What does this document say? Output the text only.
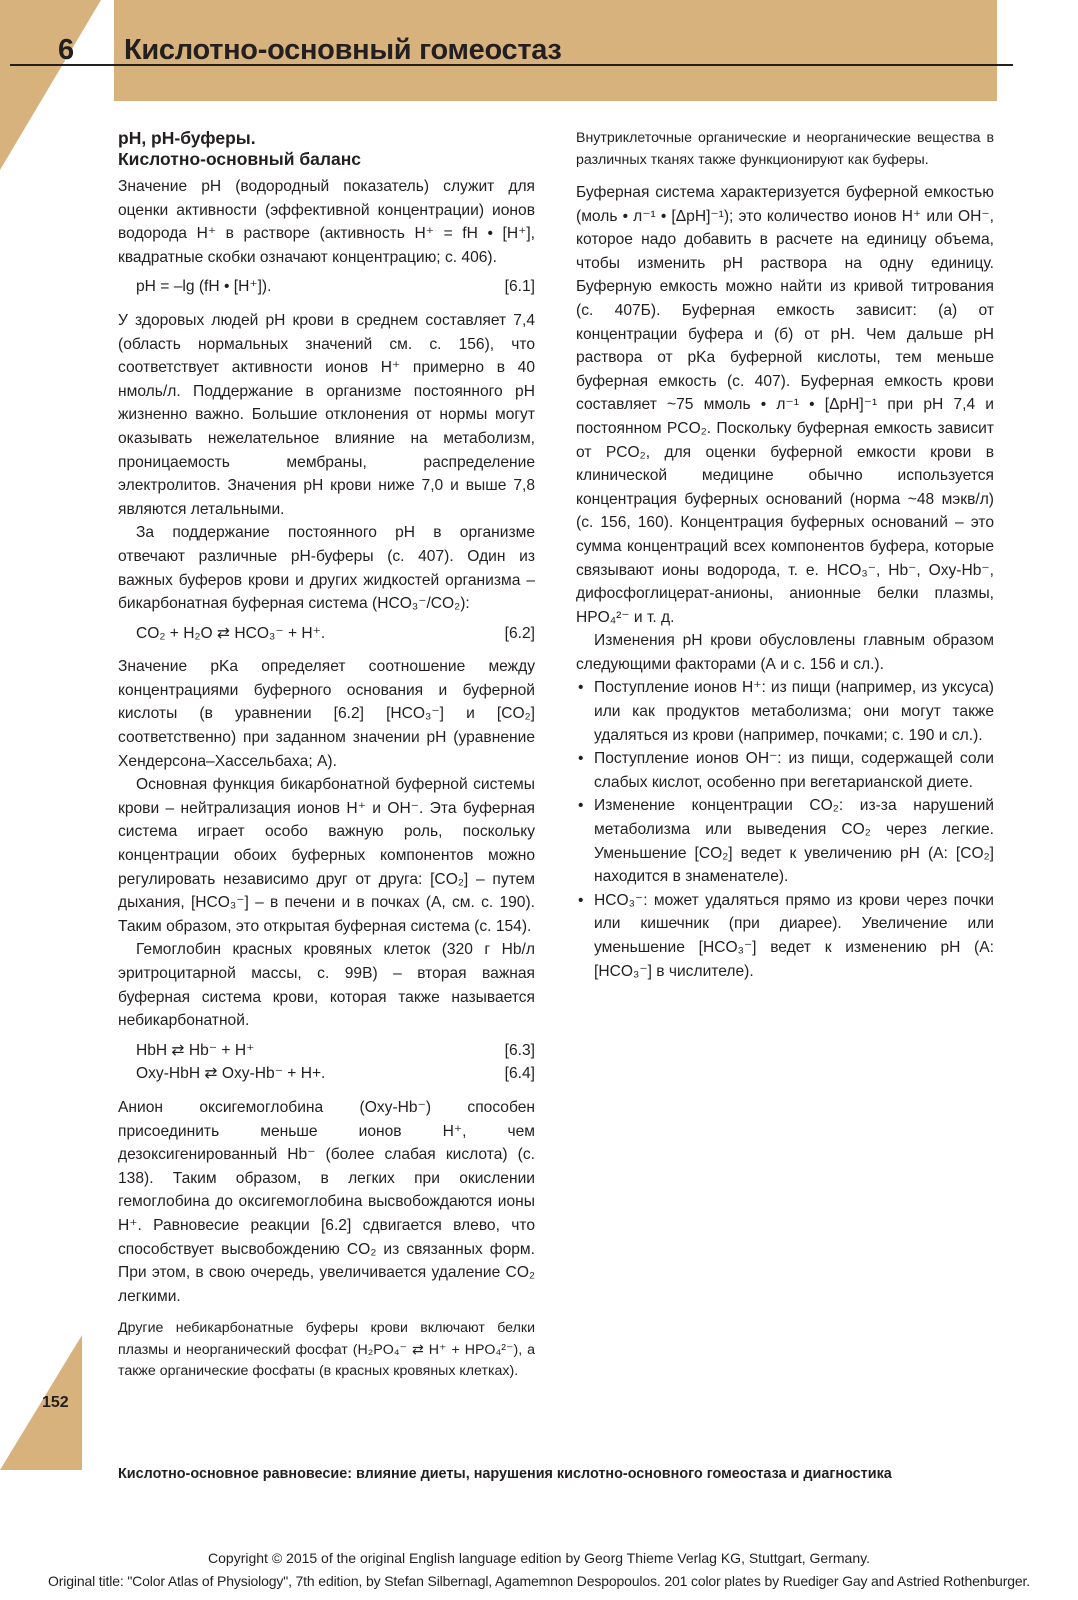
6 Кислотно-основный гомеостаз
152
pH, pH-буферы.
Кислотно-основный баланс

Значение pH (водородный показатель) служит для оценки активности (эффективной концентрации) ионов водорода H⁺ в растворе (активность H⁺ = fH • [H⁺], квадратные скобки означают концентрацию; с. 406).

pH = –lg (fH • [H⁺]).	[6.1]

У здоровых людей pH крови в среднем составляет 7,4 (область нормальных значений см. с. 156), что соответствует активности ионов H⁺ примерно в 40 нмоль/л. Поддержание в организме постоянного pH жизненно важно. Большие отклонения от нормы могут оказывать нежелательное влияние на метаболизм, проницаемость мембраны, распределение электролитов. Значения pH крови ниже 7,0 и выше 7,8 являются летальными.

За поддержание постоянного pH в организме отвечают различные pH-буферы (с. 407). Один из важных буферов крови и других жидкостей организма – бикарбонатная буферная система (HCO₃⁻/CO₂):

CO₂ + H₂O ⇄ HCO₃⁻ + H⁺.	[6.2]

Значение pKa определяет соотношение между концентрациями буферного основания и буферной кислоты (в уравнении [6.2] [HCO₃⁻] и [CO₂] соответственно) при заданном значении pH (уравнение Хендерсона–Хассельбаха; А).

Основная функция бикарбонатной буферной системы крови – нейтрализация ионов H⁺ и OH⁻. Эта буферная система играет особо важную роль, поскольку концентрации обоих буферных компонентов можно регулировать независимо друг от друга: [CO₂] – путем дыхания, [HCO₃⁻] – в печени и в почках (А, см. с. 190). Таким образом, это открытая буферная система (с. 154).

Гемоглобин красных кровяных клеток (320 г Hb/л эритроцитарной массы, с. 99B) – вторая важная буферная система крови, которая также называется небикарбонатной.

HbH ⇄ Hb⁻ + H⁺	[6.3]
Oxy-HbH ⇄ Oxy-Hb⁻ + H+.	[6.4]

Анион оксигемоглобина (Oxy-Hb⁻) способен присоединить меньше ионов H⁺, чем дезоксигенированный Hb⁻ (более слабая кислота) (с. 138). Таким образом, в легких при окислении гемоглобина до оксигемоглобина высвобождаются ионы H⁺. Равновесие реакции [6.2] сдвигается влево, что способствует высвобождению CO₂ из связанных форм. При этом, в свою очередь, увеличивается удаление CO₂ легкими.

Другие небикарбонатные буферы крови включают белки плазмы и неорганический фосфат (H₂PO₄⁻ ⇄ H⁺ + HPO₄²⁻), а также органические фосфаты (в красных кровяных клетках).

Внутриклеточные органические и неорганические вещества в различных тканях также функционируют как буферы.

Буферная система характеризуется буферной емкостью (моль • л⁻¹ • [ΔpH]⁻¹); это количество ионов H⁺ или OH⁻, которое надо добавить в расчете на единицу объема, чтобы изменить pH раствора на одну единицу. Буферную емкость можно найти из кривой титрования (с. 407Б). Буферная емкость зависит: (а) от концентрации буфера и (б) от pH. Чем дальше pH раствора от pKa буферной кислоты, тем меньше буферная емкость (с. 407). Буферная емкость крови составляет ~75 ммоль • л⁻¹ • [ΔpH]⁻¹ при pH 7,4 и постоянном PCO₂. Поскольку буферная емкость зависит от PCO₂, для оценки буферной емкости крови в клинической медицине обычно используется концентрация буферных оснований (норма ~48 мэкв/л) (с. 156, 160). Концентрация буферных оснований – это сумма концентраций всех компонентов буфера, которые связывают ионы водорода, т. е. HCO₃⁻, Hb⁻, Oxy-Hb⁻, дифосфоглицерат-анионы, анионные белки плазмы, HPO₄²⁻ и т. д.

Изменения pH крови обусловлены главным образом следующими факторами (А и с. 156 и сл.).

• Поступление ионов H⁺: из пищи (например, из уксуса) или как продуктов метаболизма; они могут также удаляться из крови (например, почками; с. 190 и сл.).
• Поступление ионов OH⁻: из пищи, содержащей соли слабых кислот, особенно при вегетарианской диете.
• Изменение концентрации CO₂: из-за нарушений метаболизма или выведения CO₂ через легкие. Уменьшение [CO₂] ведет к увеличению pH (А: [CO₂] находится в знаменателе).
• HCO₃⁻: может удаляться прямо из крови через почки или кишечник (при диарее). Увеличение или уменьшение [HCO₃⁻] ведет к изменению pH (А: [HCO₃⁻] в числителе).
Кислотно-основное равновесие: влияние диеты, нарушения кислотно-основного гомеостаза и диагностика
Copyright © 2015 of the original English language edition by Georg Thieme Verlag KG, Stuttgart, Germany.
Original title: "Color Atlas of Physiology", 7th edition, by Stefan Silbernagl, Agamemnon Despopoulos. 201 color plates by Ruediger Gay and Astried Rothenburger.
